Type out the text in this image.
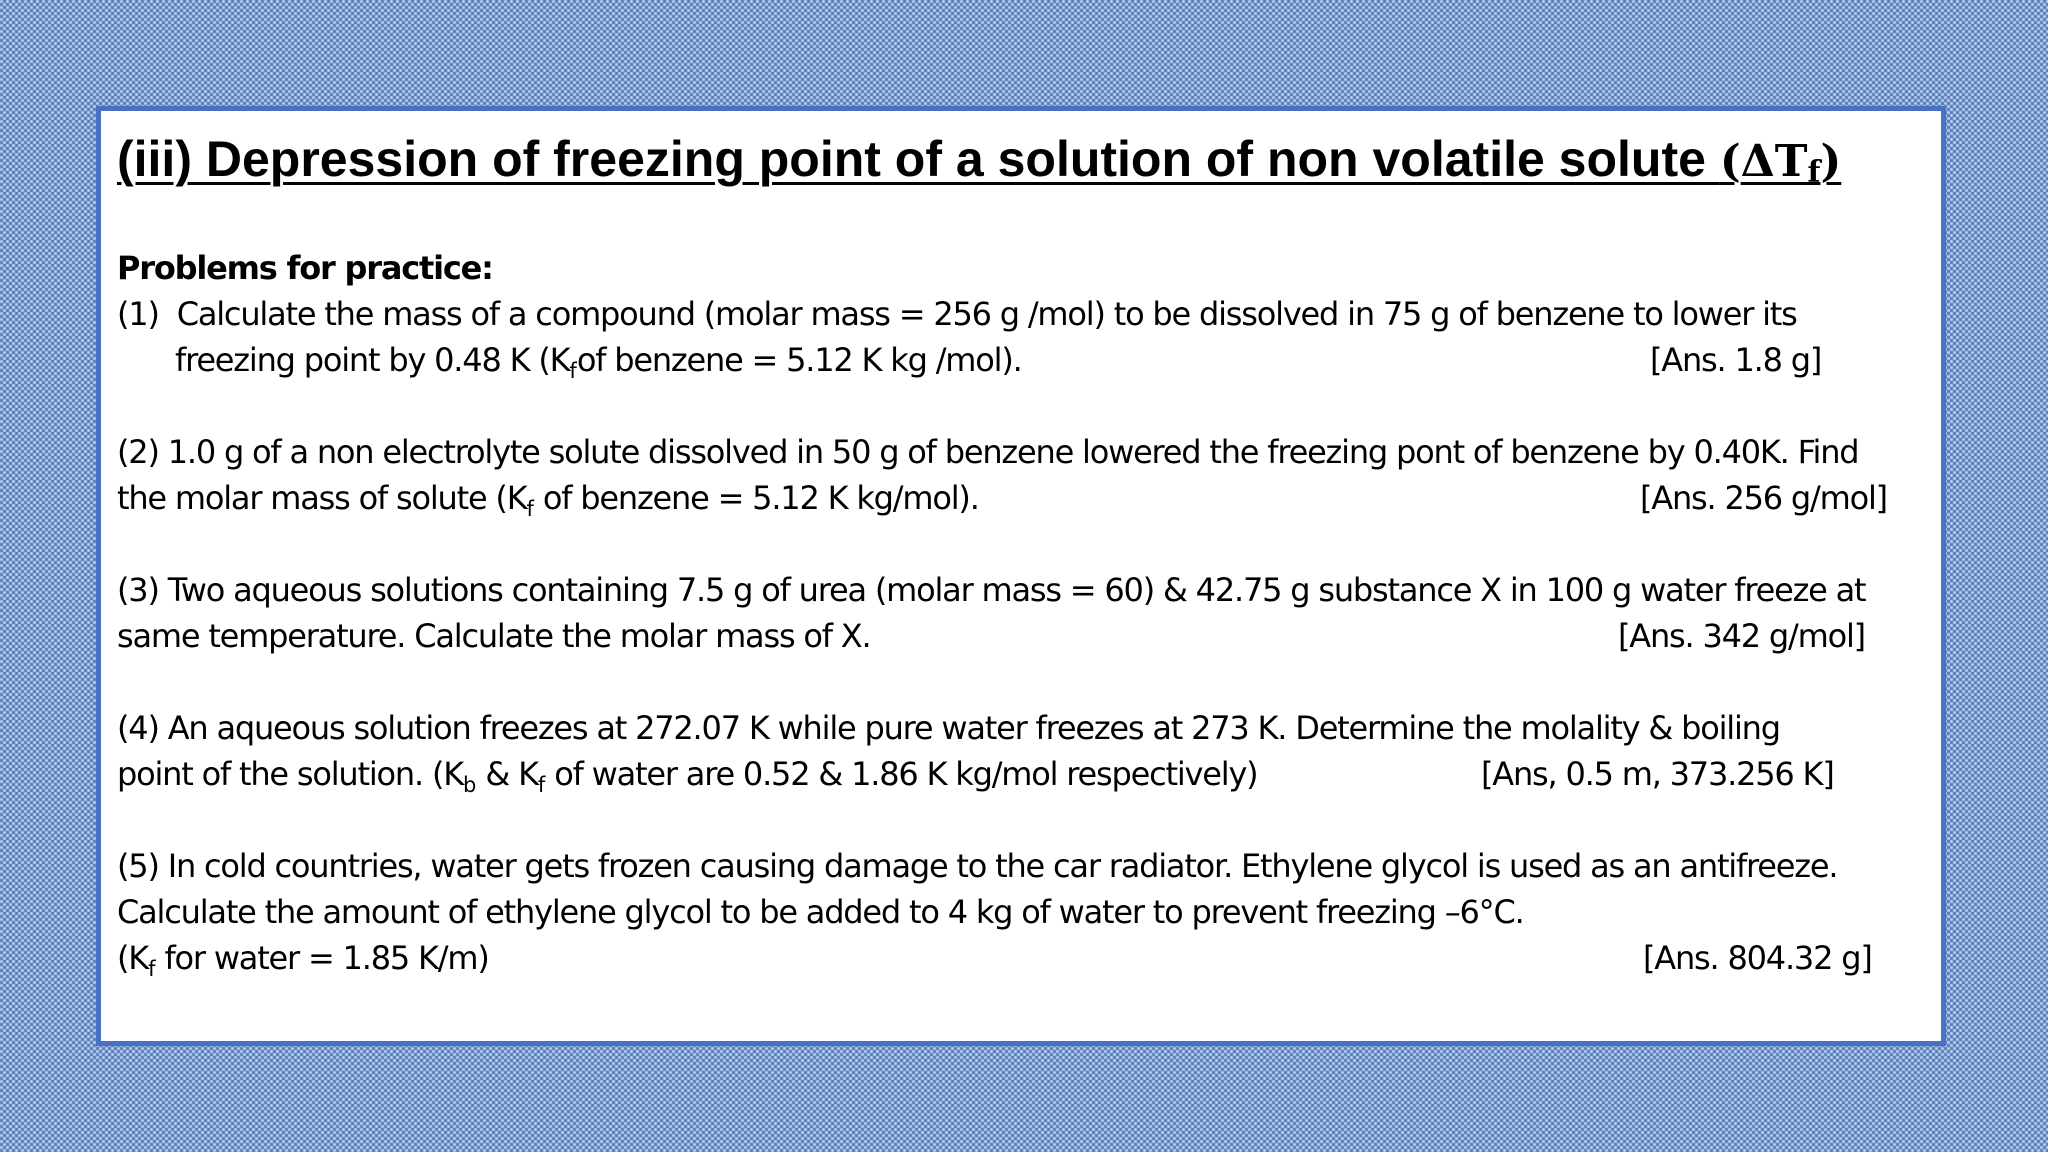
(iii) Depression of freezing point of a solution of non volatile solute $(\Delta T_f)$
Problems for practice:
(1) Calculate the mass of a compound (molar mass = 256 g /mol) to be dissolved in 75 g of benzene to lower its
freezing point by 0.48 K ($K_fof$ benzene = 5.12 K kg /mol).	[Ans. 1.8 g]
(2) 1.0 g of a non electrolyte solute dissolved in 50 g of benzene lowered the freezing pont of benzene by 0.40K. Find
the molar mass of solute ($K_f$ of benzene = 5.12 K kg/mol).	[Ans. 256 g/mol]
(3) Two aqueous solutions containing 7.5 g of urea (molar mass = 60) & 42.75 g substance X in 100 g water freeze at
same temperature. Calculate the molar mass of X.	[Ans. 342 g/mol]
(4) An aqueous solution freezes at 272.07 K while pure water freezes at 273 K. Determine the molality & boiling
point of the solution. ($K_b$ & $K_f$ of water are 0.52 & 1.86 K kg/mol respectively)	[Ans, 0.5 m, 373.256 K]
(5) In cold countries, water gets frozen causing damage to the car radiator. Ethylene glycol is used as an antifreeze.
Calculate the amount of ethylene glycol to be added to 4 kg of water to prevent freezing –6°C.
($K_f$ for water = 1.85 K/m)	[Ans. 804.32 g]
